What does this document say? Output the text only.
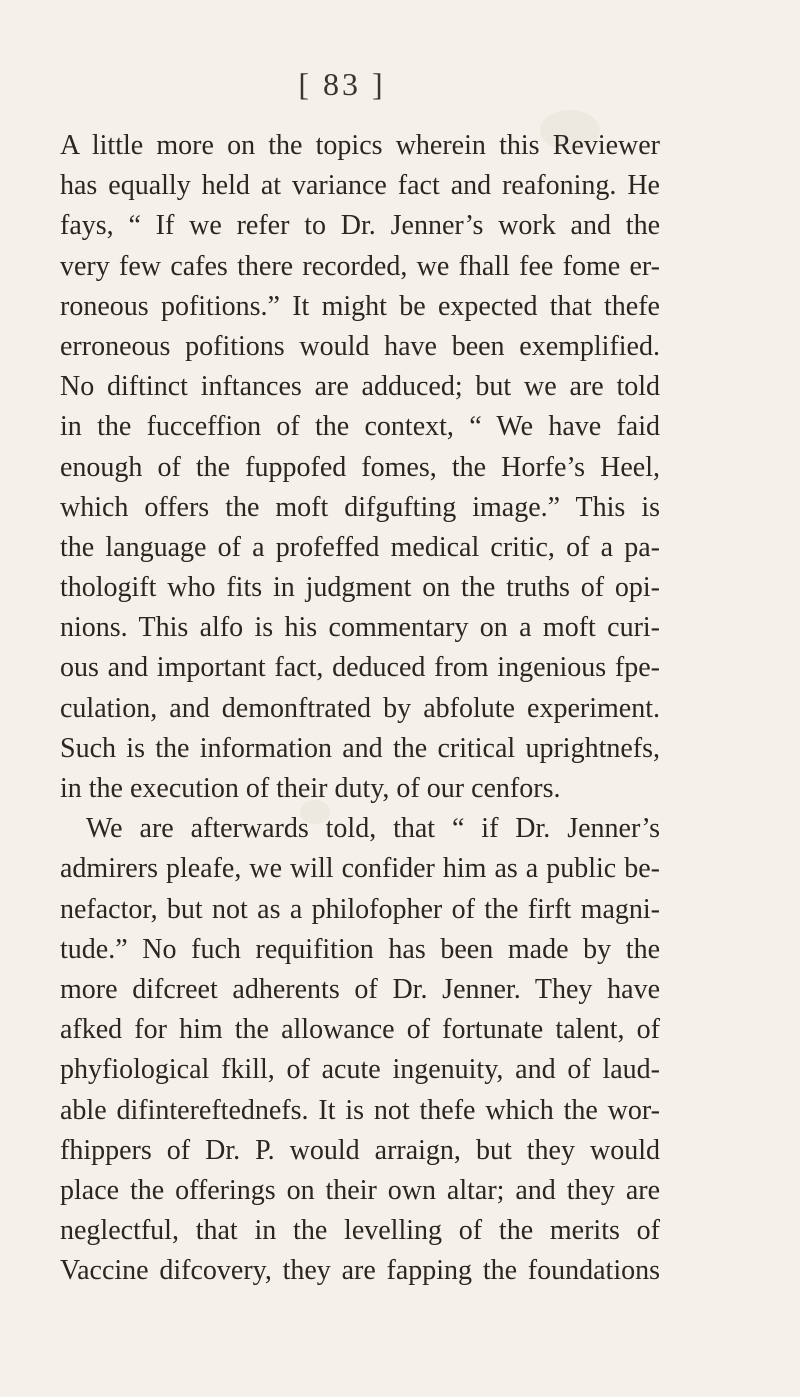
[ 83 ]
A little more on the topics wherein this Reviewer
has equally held at variance fact and reafoning. He
fays, “ If we refer to Dr. Jenner’s work and the
very few cafes there recorded, we fhall fee fome er-
roneous pofitions.” It might be expected that thefe
erroneous pofitions would have been exemplified.
No diftinct inftances are adduced; but we are told
in the fucceffion of the context, “ We have faid
enough of the fuppofed fomes, the Horfe’s Heel,
which offers the moft difgufting image.” This is
the language of a profeffed medical critic, of a pa-
thologift who fits in judgment on the truths of opi-
nions. This alfo is his commentary on a moft curi-
ous and important fact, deduced from ingenious fpe-
culation, and demonftrated by abfolute experiment.
Such is the information and the critical uprightnefs,
in the execution of their duty, of our cenfors.
We are afterwards told, that “ if Dr. Jenner’s
admirers pleafe, we will confider him as a public be-
nefactor, but not as a philofopher of the firft magni-
tude.” No fuch requifition has been made by the
more difcreet adherents of Dr. Jenner. They have
afked for him the allowance of fortunate talent, of
phyfiological fkill, of acute ingenuity, and of laud-
able difintereftednefs. It is not thefe which the wor-
fhippers of Dr. P. would arraign, but they would
place the offerings on their own altar; and they are
neglectful, that in the levelling of the merits of
Vaccine difcovery, they are fapping the foundations
